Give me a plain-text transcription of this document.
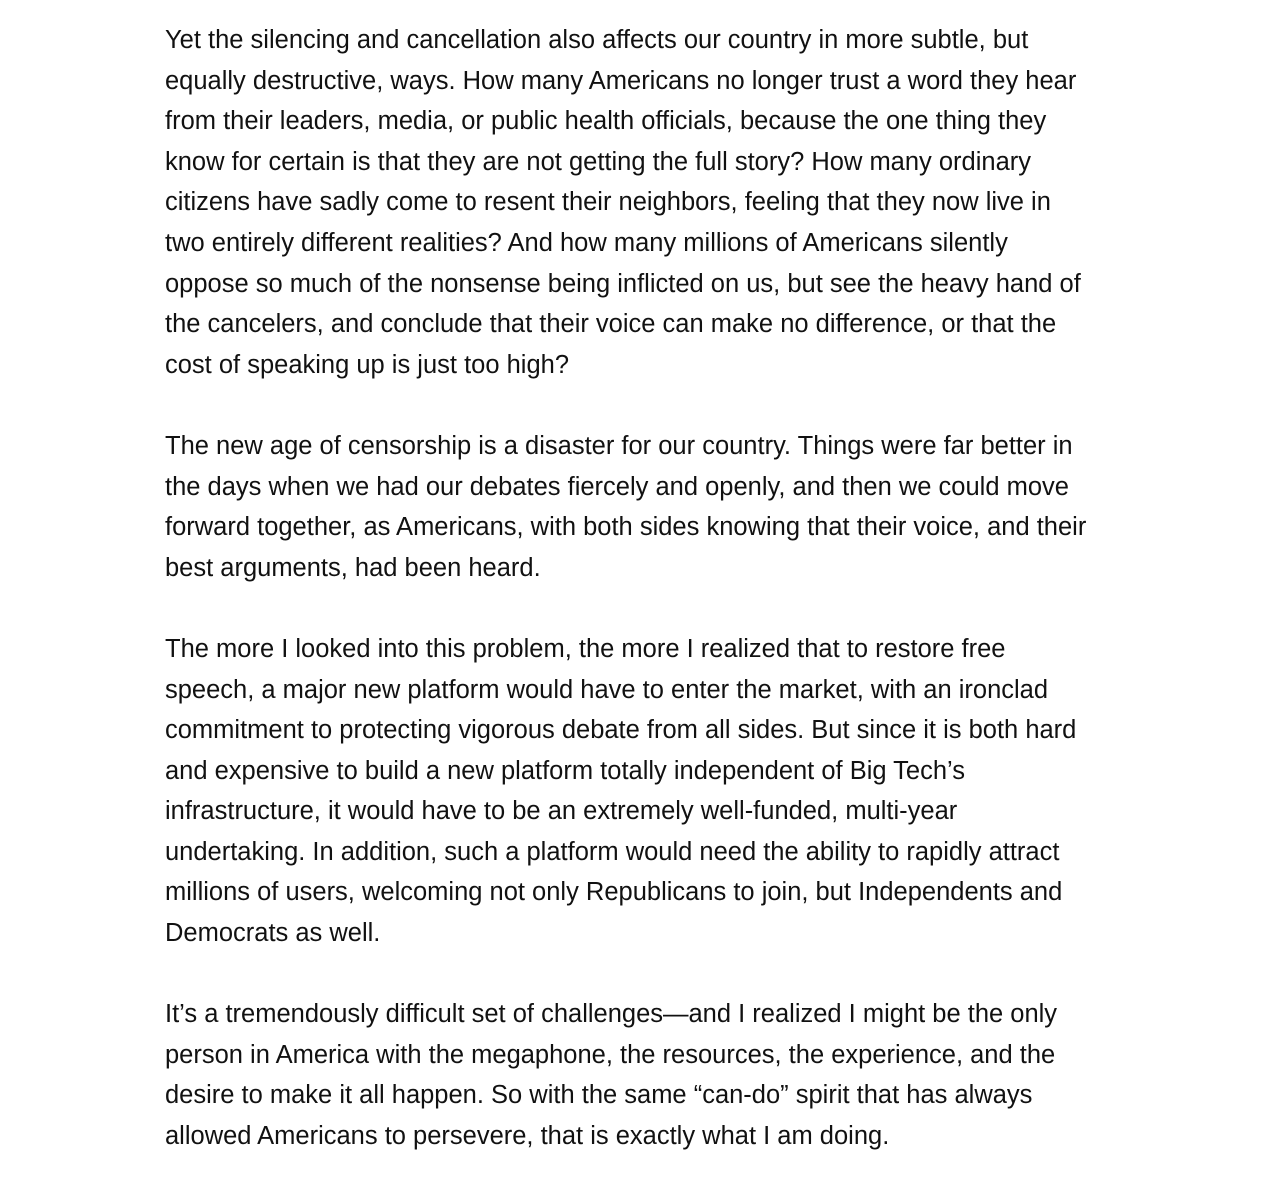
Yet the silencing and cancellation also affects our country in more subtle, but
equally destructive, ways. How many Americans no longer trust a word they hear
from their leaders, media, or public health officials, because the one thing they
know for certain is that they are not getting the full story? How many ordinary
citizens have sadly come to resent their neighbors, feeling that they now live in
two entirely different realities? And how many millions of Americans silently
oppose so much of the nonsense being inflicted on us, but see the heavy hand of
the cancelers, and conclude that their voice can make no difference, or that the
cost of speaking up is just too high?

The new age of censorship is a disaster for our country. Things were far better in
the days when we had our debates fiercely and openly, and then we could move
forward together, as Americans, with both sides knowing that their voice, and their
best arguments, had been heard.

The more I looked into this problem, the more I realized that to restore free
speech, a major new platform would have to enter the market, with an ironclad
commitment to protecting vigorous debate from all sides. But since it is both hard
and expensive to build a new platform totally independent of Big Tech’s
infrastructure, it would have to be an extremely well-funded, multi-year
undertaking. In addition, such a platform would need the ability to rapidly attract
millions of users, welcoming not only Republicans to join, but Independents and
Democrats as well.

It’s a tremendously difficult set of challenges—and I realized I might be the only
person in America with the megaphone, the resources, the experience, and the
desire to make it all happen. So with the same “can-do” spirit that has always
allowed Americans to persevere, that is exactly what I am doing.
